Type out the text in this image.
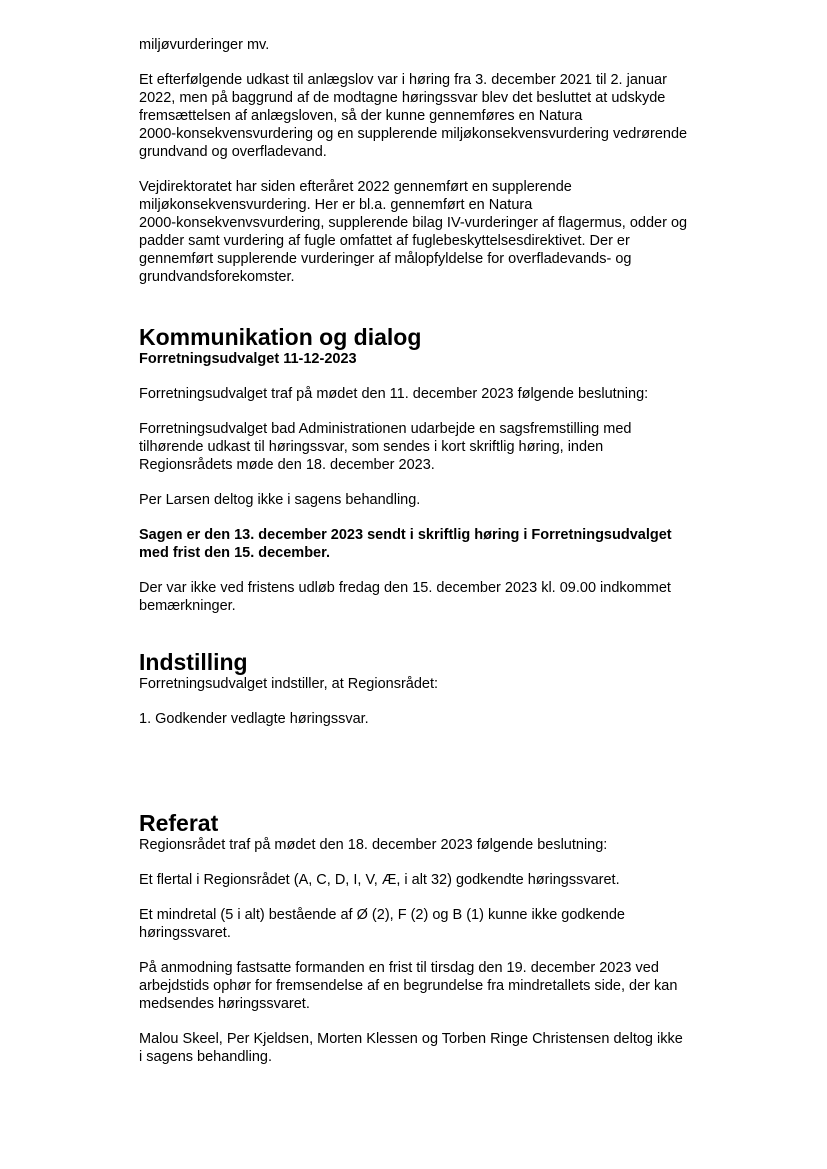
miljøvurderinger mv.

Et efterfølgende udkast til anlægslov var i høring fra 3. december 2021 til 2. januar

2022, men på baggrund af de modtagne høringssvar blev det besluttet at udskyde

fremsættelsen af anlægsloven, så der kunne gennemføres en Natura

2000-konsekvensvurdering og en supplerende miljøkonsekvensvurdering vedrørende

grundvand og overfladevand.

Vejdirektoratet har siden efteråret 2022 gennemført en supplerende

miljøkonsekvensvurdering. Her er bl.a. gennemført en Natura

2000-konsekvenvsvurdering, supplerende bilag IV-vurderinger af flagermus, odder og

padder samt vurdering af fugle omfattet af fuglebeskyttelsesdirektivet. Der er

gennemført supplerende vurderinger af målopfyldelse for overfladevands- og

grundvandsforekomster.

Kommunikation og dialog

Forretningsudvalget 11-12-2023

Forretningsudvalget traf på mødet den 11. december 2023 følgende beslutning:

Forretningsudvalget bad Administrationen udarbejde en sagsfremstilling med

tilhørende udkast til høringssvar, som sendes i kort skriftlig høring, inden

Regionsrådets møde den 18. december 2023.

Per Larsen deltog ikke i sagens behandling.

Sagen er den 13. december 2023 sendt i skriftlig høring i Forretningsudvalget

med frist den 15. december.

Der var ikke ved fristens udløb fredag den 15. december 2023 kl. 09.00 indkommet

bemærkninger.

Indstilling

Forretningsudvalget indstiller, at Regionsrådet:

1. Godkender vedlagte høringssvar.

Referat

Regionsrådet traf på mødet den 18. december 2023 følgende beslutning:

Et flertal i Regionsrådet (A, C, D, I, V, Æ, i alt 32) godkendte høringssvaret.

Et mindretal (5 i alt) bestående af Ø (2), F (2) og B (1) kunne ikke godkende

høringssvaret.

På anmodning fastsatte formanden en frist til tirsdag den 19. december 2023 ved

arbejdstids ophør for fremsendelse af en begrundelse fra mindretallets side, der kan

medsendes høringssvaret.

Malou Skeel, Per Kjeldsen, Morten Klessen og Torben Ringe Christensen deltog ikke

i sagens behandling.
